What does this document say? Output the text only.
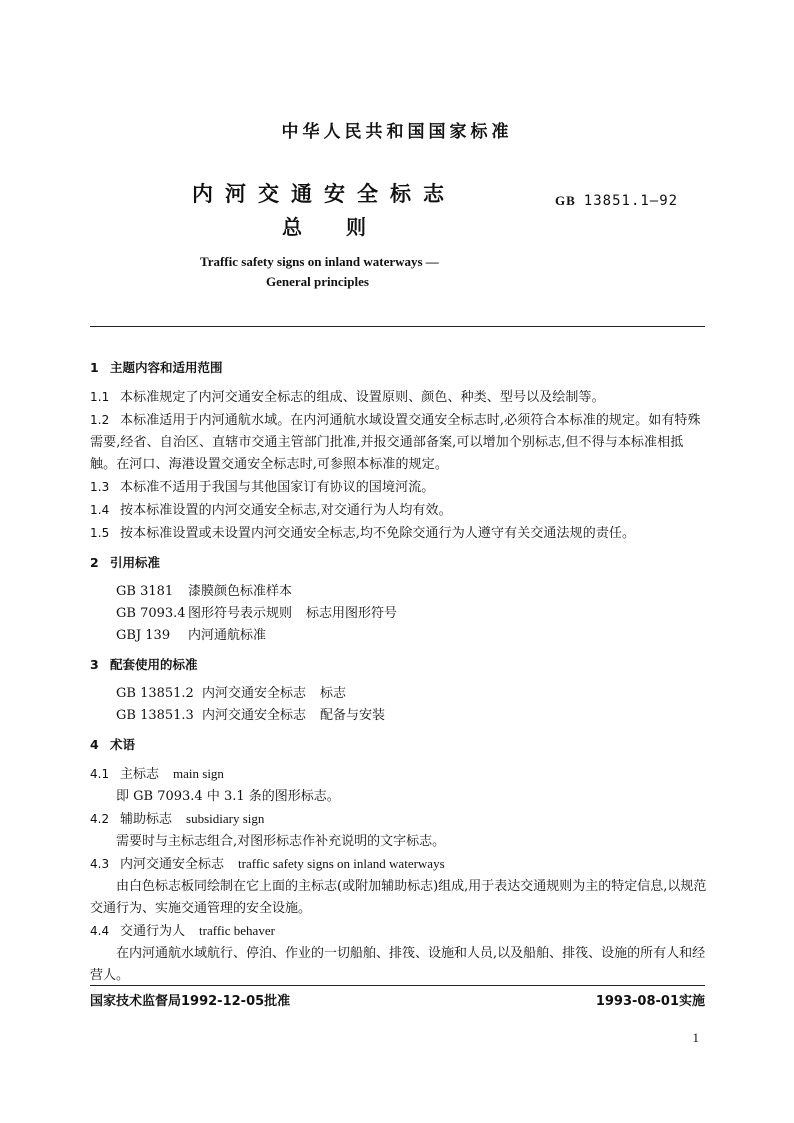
中华人民共和国国家标准
内河交通安全标志
总则
GB 13851.1—92
Traffic safety signs on inland waterways —
General principles
1 主题内容和适用范围

1.1 本标准规定了内河交通安全标志的组成、设置原则、颜色、种类、型号以及绘制等。

1.2 本标准适用于内河通航水域。在内河通航水域设置交通安全标志时,必须符合本标准的规定。如有特殊需要,经省、自治区、直辖市交通主管部门批准,并报交通部备案,可以增加个别标志,但不得与本标准相抵触。在河口、海港设置交通安全标志时,可参照本标准的规定。

1.3 本标准不适用于我国与其他国家订有协议的国境河流。

1.4 按本标准设置的内河交通安全标志,对交通行为人均有效。

1.5 按本标准设置或未设置内河交通安全标志,均不免除交通行为人遵守有关交通法规的责任。

2 引用标准

GB 3181 漆膜颜色标准样本

GB 7093.4 图形符号表示规则 标志用图形符号

GBJ 139 内河通航标准

3 配套使用的标准

GB 13851.2 内河交通安全标志 标志

GB 13851.3 内河交通安全标志 配备与安装

4 术语

4.1 主标志 main sign

即 GB 7093.4 中 3.1 条的图形标志。

4.2 辅助标志 subsidiary sign

需要时与主标志组合,对图形标志作补充说明的文字标志。

4.3 内河交通安全标志 traffic safety signs on inland waterways

由白色标志板同绘制在它上面的主标志(或附加辅助标志)组成,用于表达交通规则为主的特定信息,以规范交通行为、实施交通管理的安全设施。

4.4 交通行为人 traffic behaver

在内河通航水域航行、停泊、作业的一切船舶、排筏、设施和人员,以及船舶、排筏、设施的所有人和经营人。

国家技术监督局1992-12-05批准	1993-08-01实施
1
